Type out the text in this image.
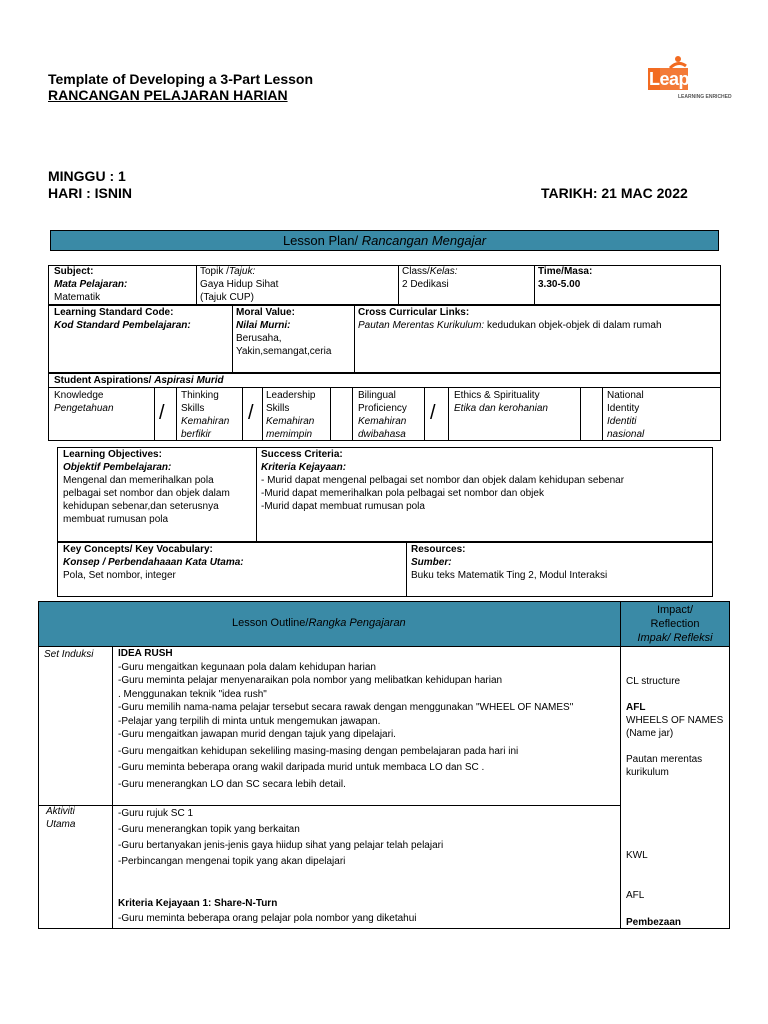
Template of Developing a 3-Part Lesson
RANCANGAN PELAJARAN HARIAN
LeapEd
LEARNING ENRICHED
MINGGU : 1
HARI : ISNIN	TARIKH: 21 MAC 2022
Lesson Plan/ Rancangan Mengajar
Subject:
Mata Pelajaran:
Matematik
Topik /Tajuk:
Gaya Hidup Sihat
(Tajuk CUP)
Class/Kelas:
2 Dedikasi
Time/Masa:
3.30-5.00
Learning Standard Code:
Kod Standard Pembelajaran:
Moral Value:
Nilai Murni:
Berusaha,
Yakin,semangat,ceria
Cross Curricular Links:
Pautan Merentas Kurikulum: kedudukan objek-objek di dalam rumah
Student Aspirations/ Aspirasi Murid
Knowledge
Pengetahuan /
Thinking
Skills
Kemahiran
berfikir
/
Leadership
Skills
Kemahiran
memimpin
Bilingual
Proficiency
Kemahiran
dwibahasa
/
Ethics & Spirituality
Etika dan kerohanian
National
Identity
Identiti
nasional
Learning Objectives:
Objektif Pembelajaran:
Mengenal dan memerihalkan pola
pelbagai set nombor dan objek dalam
kehidupan sebenar,dan seterusnya
membuat rumusan pola
Success Criteria:
Kriteria Kejayaan:
- Murid dapat mengenal pelbagai set nombor dan objek dalam kehidupan sebenar
-Murid dapat memerihalkan pola pelbagai set nombor dan objek
-Murid dapat membuat rumusan pola
Key Concepts/ Key Vocabulary:
Konsep / Perbendahaaan Kata Utama:
Pola, Set nombor, integer
Resources:
Sumber:
Buku teks Matematik Ting 2, Modul Interaksi
Lesson Outline/Rangka Pengajaran
Impact/
Reflection
Impak/ Refleksi
Set Induksi IDEA RUSH
-Guru mengaitkan kegunaan pola dalam kehidupan harian
-Guru meminta pelajar menyenaraikan pola nombor yang melibatkan kehidupan harian
. Menggunakan teknik "idea rush"
-Guru memilih nama-nama pelajar tersebut secara rawak dengan menggunakan "WHEEL OF NAMES"
-Pelajar yang terpilih di minta untuk mengemukan jawapan.
-Guru mengaitkan jawapan murid dengan tajuk yang dipelajari.
-Guru mengaitkan kehidupan sekeliling masing-masing dengan pembelajaran pada hari ini
-Guru meminta beberapa orang wakil daripada murid untuk membaca LO dan SC .
-Guru menerangkan LO dan SC secara lebih detail.
CL structure
AFL
WHEELS OF NAMES
(Name jar)
Pautan merentas
kurikulum
Aktiviti
Utama
-Guru rujuk SC 1
-Guru menerangkan topik yang berkaitan
-Guru bertanyakan jenis-jenis gaya hiidup sihat yang pelajar telah pelajari
-Perbincangan mengenai topik yang akan dipelajari
Kriteria Kejayaan 1: Share-N-Turn
-Guru meminta beberapa orang pelajar pola nombor yang diketahui
KWL
AFL
Pembezaan
